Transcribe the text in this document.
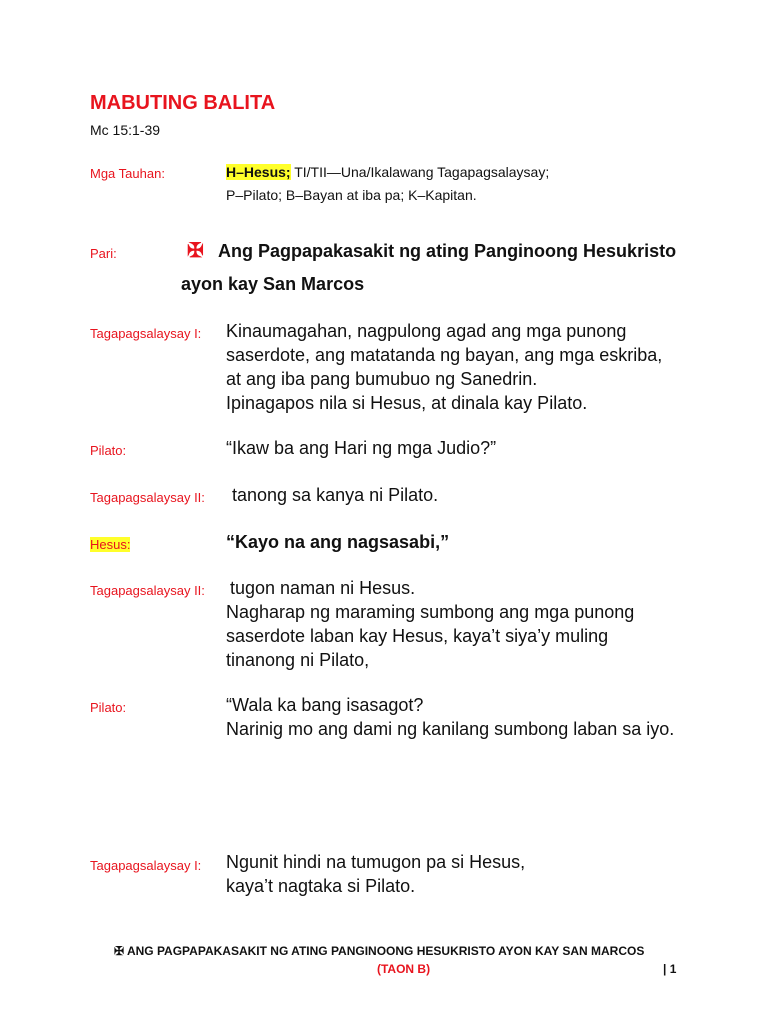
MABUTING BALITA
Mc 15:1-39
Mga Tauhan:	H–Hesus; TI/TII—Una/Ikalawang Tagapagsalaysay;
P–Pilato; B–Bayan at iba pa; K–Kapitan.
Pari:	✠ Ang Pagpapakasakit ng ating Panginoong Hesukristo
ayon kay San Marcos
Tagapagsalaysay I: Kinaumagahan, nagpulong agad ang mga punong
saserdote, ang matatanda ng bayan, ang mga eskriba,
at ang iba pang bumubuo ng Sanedrin.
Ipinagapos nila si Hesus, at dinala kay Pilato.
Pilato:	“Ikaw ba ang Hari ng mga Judio?”
Tagapagsalaysay II: tanong sa kanya ni Pilato.
Hesus:	“Kayo na ang nagsasabi,”
Tagapagsalaysay II: tugon naman ni Hesus.
Nagharap ng maraming sumbong ang mga punong
saserdote laban kay Hesus, kaya’t siya’y muling
tinanong ni Pilato,
Pilato:	“Wala ka bang isasagot?
Narinig mo ang dami ng kanilang sumbong laban sa iyo.
Tagapagsalaysay I: Ngunit hindi na tumugon pa si Hesus,
kaya’t nagtaka si Pilato.
✠ ANG PAGPAPAKASAKIT NG ATING PANGINOONG HESUKRISTO AYON KAY SAN MARCOS
(TAON B)	| 1
